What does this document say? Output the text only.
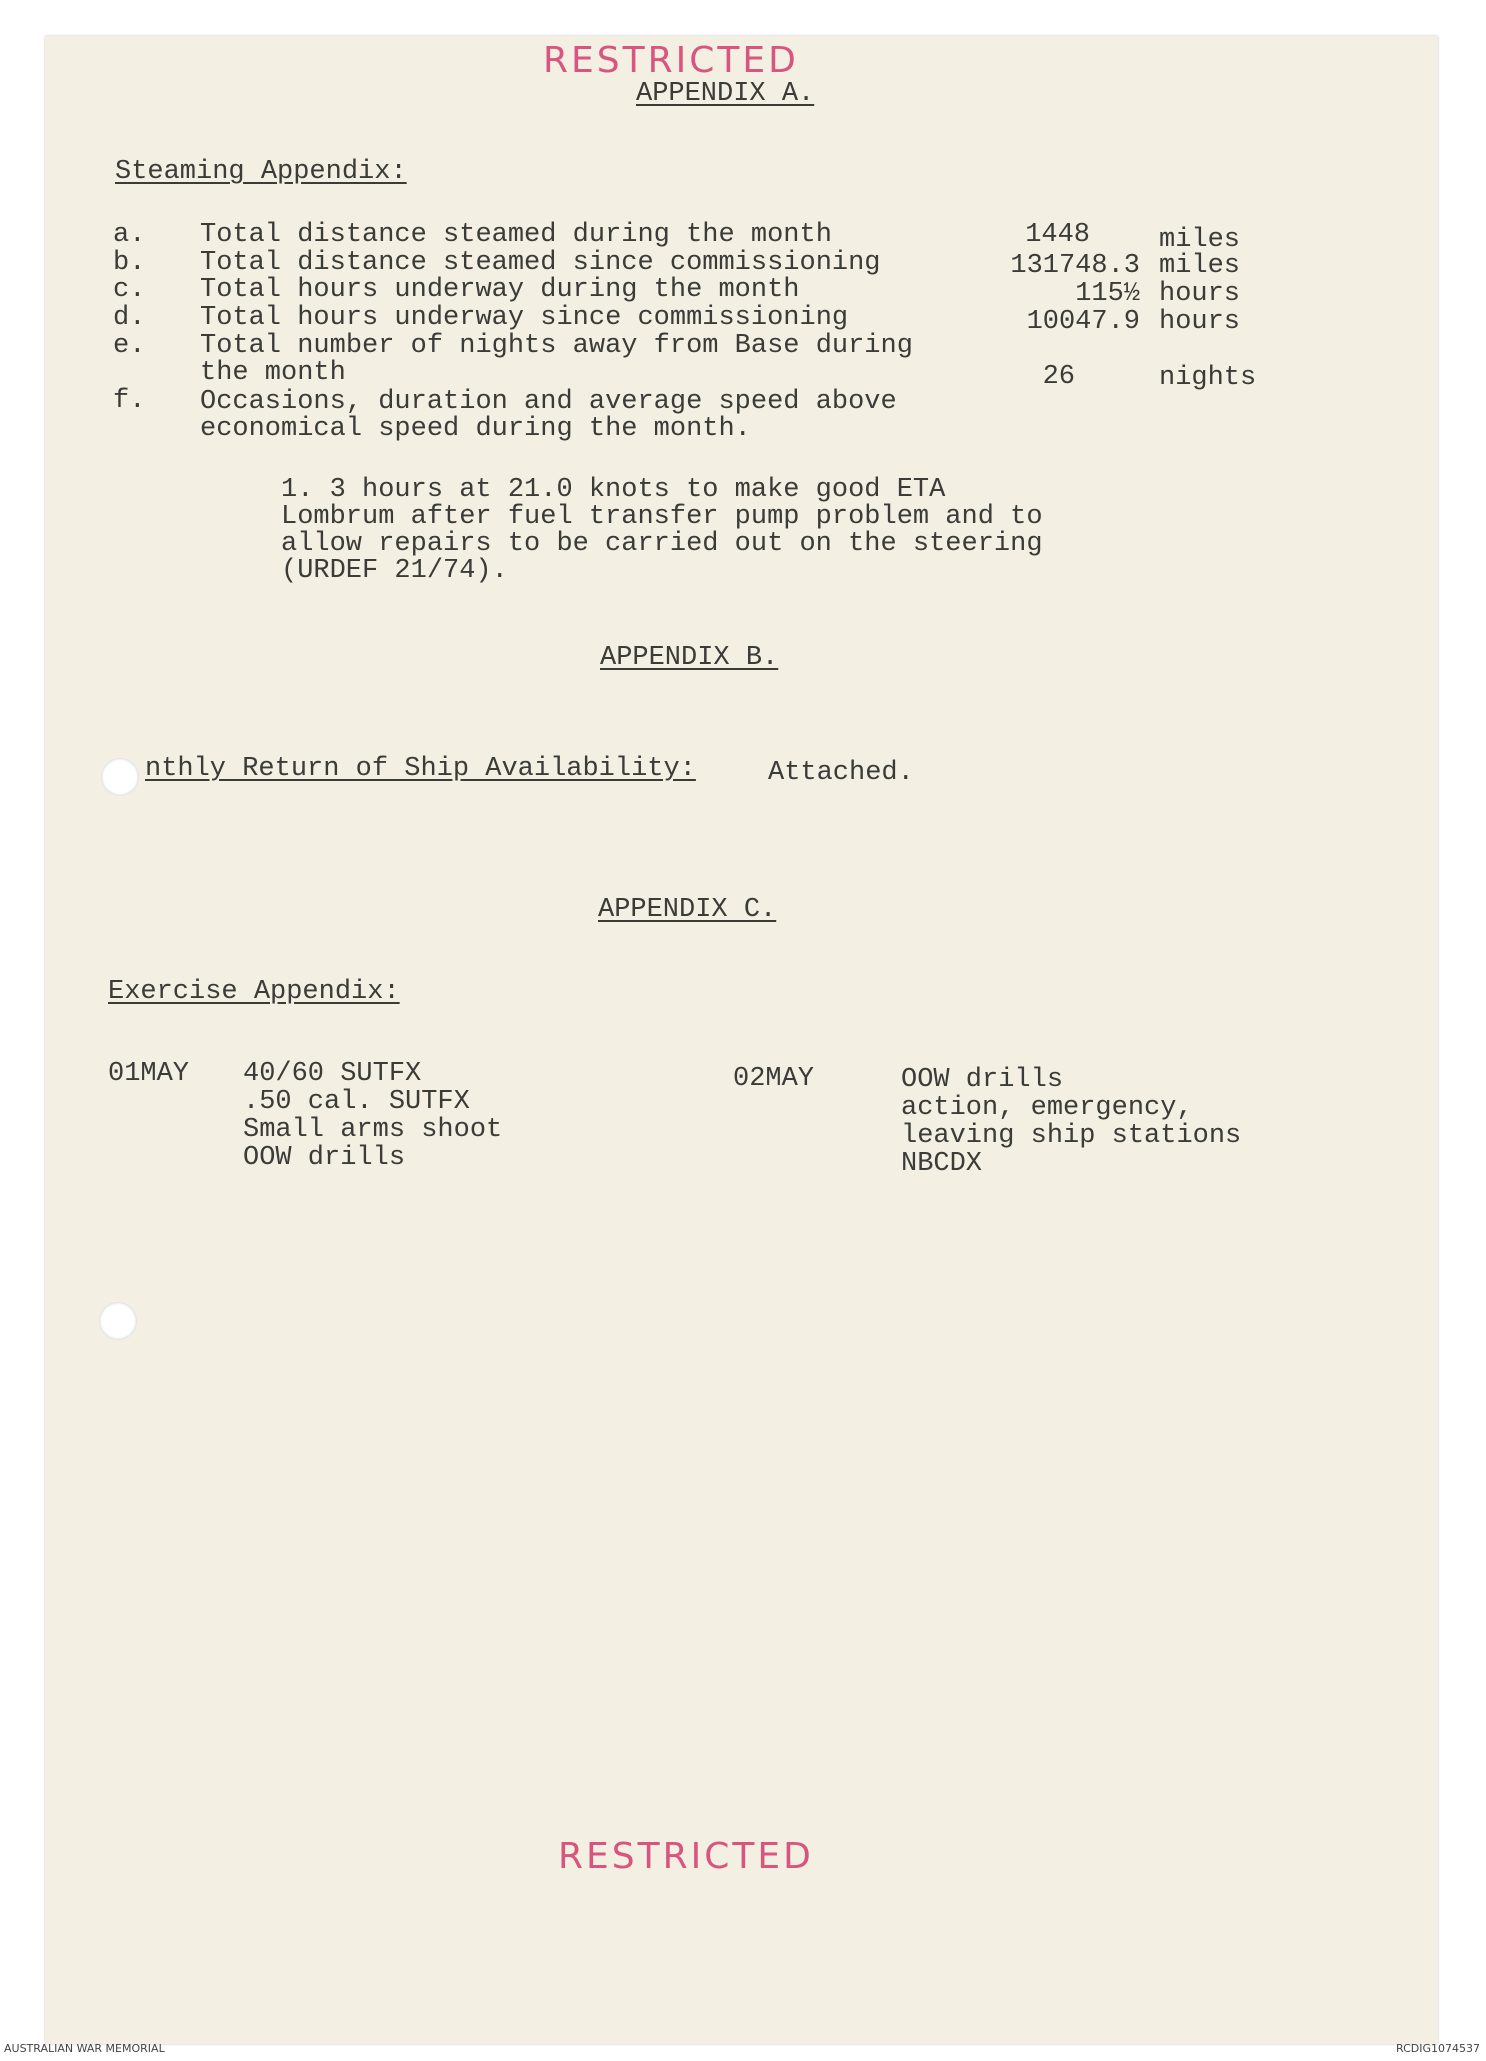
RESTRICTED
APPENDIX A.
Steaming Appendix:
a. Total distance steamed during the month	1448	miles
b. Total distance steamed since commissioning	131748.3 miles
c. Total hours underway during the month	115½ hours
d. Total hours underway since commissioning	10047.9 hours
e. Total number of nights away from Base during
the month	26	nights
f. Occasions, duration and average speed above
economical speed during the month.
1. 3 hours at 21.0 knots to make good ETA
Lombrum after fuel transfer pump problem and to
allow repairs to be carried out on the steering
(URDEF 21/74).
APPENDIX B.
nthly Return of Ship Availability:	Attached.
APPENDIX C.
Exercise Appendix:
01MAY 40/60 SUTFX
.50 cal. SUTFX
Small arms shoot
OOW drills
02MAY	OOW drills
action, emergency,
leaving ship stations
NBCDX
RESTRICTED
AUSTRALIAN WAR MEMORIAL	RCDIG1074537
